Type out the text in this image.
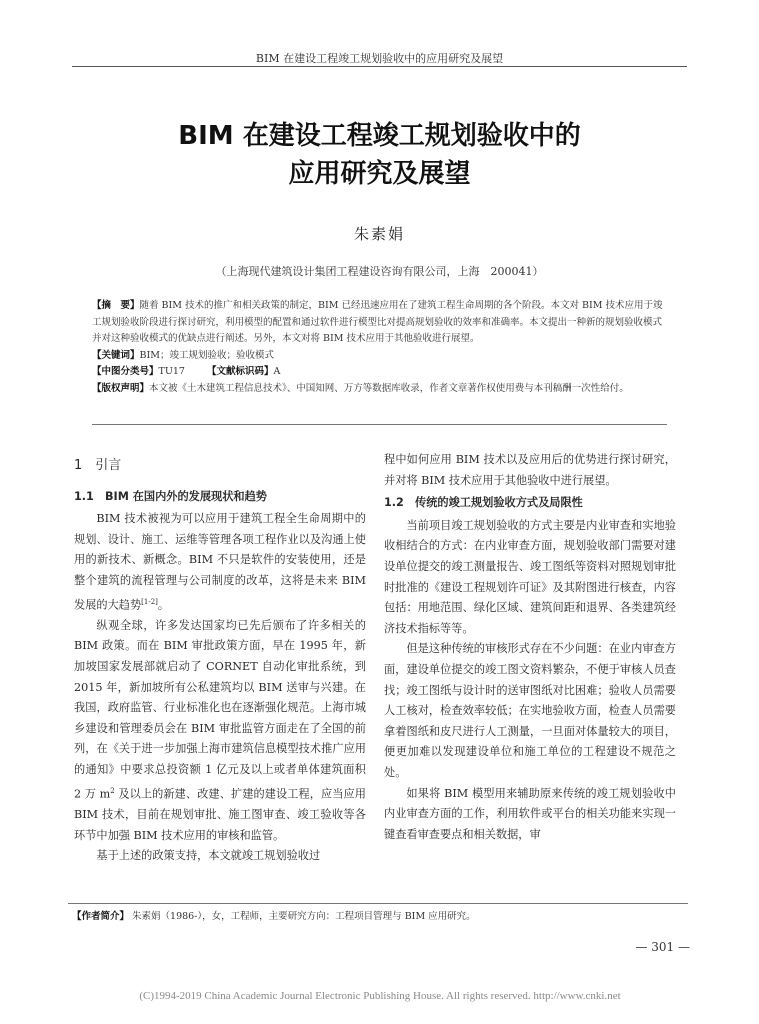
BIM 在建设工程竣工规划验收中的应用研究及展望
BIM 在建设工程竣工规划验收中的
应用研究及展望
朱素娟
（上海现代建筑设计集团工程建设咨询有限公司，上海　200041）

【摘　要】随着 BIM 技术的推广和相关政策的制定，BIM 已经迅速应用在了建筑工程生命周期的各个阶段。本文对 BIM 技术应用于竣工规划验收阶段进行探讨研究，利用模型的配置和通过软件进行模型比对提高规划验收的效率和准确率。本文提出一种新的规划验收模式并对这种验收模式的优缺点进行阐述。另外，本文对将 BIM 技术应用于其他验收进行展望。

【关键词】BIM；竣工规划验收；验收模式

【中图分类号】TU17    【文献标识码】A

【版权声明】本文被《土木建筑工程信息技术》、中国知网、万方等数据库收录，作者文章著作权使用费与本刊稿酬一次性给付。

1　引言
1.1　BIM 在国内外的发展现状和趋势

BIM 技术被视为可以应用于建筑工程全生命周期中的规划、设计、施工、运维等管理各项工程作业以及沟通上使用的新技术、新概念。BIM 不只是软件的安装使用，还是整个建筑的流程管理与公司制度的改革，这将是未来 BIM 发展的大趋势[1-2]。

纵观全球，许多发达国家均已先后颁布了许多相关的 BIM 政策。而在 BIM 审批政策方面，早在 1995 年，新加坡国家发展部就启动了 CORNET 自动化审批系统，到 2015 年，新加坡所有公私建筑均以 BIM 送审与兴建。在我国，政府监管、行业标准化也在逐渐强化规范。上海市城乡建设和管理委员会在 BIM 审批监管方面走在了全国的前列，在《关于进一步加强上海市建筑信息模型技术推广应用的通知》中要求总投资额 1 亿元及以上或者单体建筑面积 2 万 $m^2$ 及以上的新建、改建、扩建的建设工程，应当应用 BIM 技术，目前在规划审批、施工图审查、竣工验收等各环节中加强 BIM 技术应用的审核和监管。

基于上述的政策支持，本文就竣工规划验收过

程中如何应用 BIM 技术以及应用后的优势进行探讨研究，并对将 BIM 技术应用于其他验收中进行展望。

1.2　传统的竣工规划验收方式及局限性

当前项目竣工规划验收的方式主要是内业审查和实地验收相结合的方式：在内业审查方面，规划验收部门需要对建设单位提交的竣工测量报告、竣工图纸等资料对照规划审批时批准的《建设工程规划许可证》及其附图进行核查，内容包括：用地范围、绿化区域、建筑间距和退界、各类建筑经济技术指标等等。

但是这种传统的审核形式存在不少问题：在业内审查方面，建设单位提交的竣工图文资料繁杂，不便于审核人员查找；竣工图纸与设计时的送审图纸对比困难；验收人员需要人工核对，检查效率较低；在实地验收方面，检查人员需要拿着图纸和皮尺进行人工测量，一旦面对体量较大的项目，便更加难以发现建设单位和施工单位的工程建设不规范之处。

如果将 BIM 模型用来辅助原来传统的竣工规划验收中内业审查方面的工作，利用软件或平台的相关功能来实现一键查看审查要点和相关数据，审

【作者简介】 朱素娟（1986-），女，工程师，主要研究方向：工程项目管理与 BIM 应用研究。
— 301 —
(C)1994-2019 China Academic Journal Electronic Publishing House. All rights reserved. http://www.cnki.net
